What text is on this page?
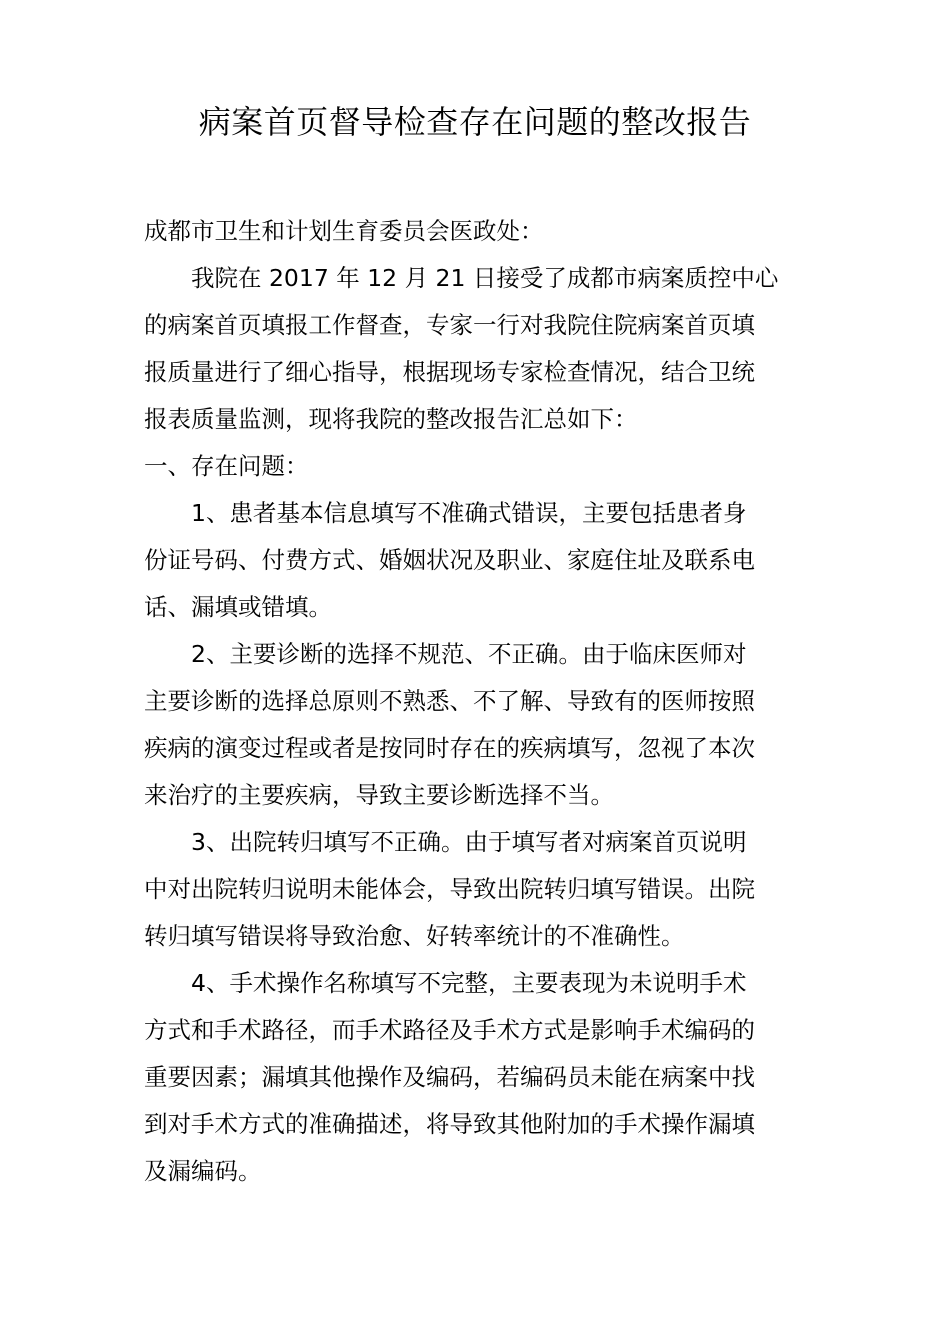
病案首页督导检查存在问题的整改报告
成都市卫生和计划生育委员会医政处：
我院在 2017 年 12 月 21 日接受了成都市病案质控中心
的病案首页填报工作督查，专家一行对我院住院病案首页填
报质量进行了细心指导，根据现场专家检查情况，结合卫统
报表质量监测，现将我院的整改报告汇总如下：
一、存在问题：
1、患者基本信息填写不准确式错误，主要包括患者身
份证号码、付费方式、婚姻状况及职业、家庭住址及联系电
话、漏填或错填。
2、主要诊断的选择不规范、不正确。由于临床医师对
主要诊断的选择总原则不熟悉、不了解、导致有的医师按照
疾病的演变过程或者是按同时存在的疾病填写，忽视了本次
来治疗的主要疾病，导致主要诊断选择不当。
3、出院转归填写不正确。由于填写者对病案首页说明
中对出院转归说明未能体会，导致出院转归填写错误。出院
转归填写错误将导致治愈、好转率统计的不准确性。
4、手术操作名称填写不完整，主要表现为未说明手术
方式和手术路径，而手术路径及手术方式是影响手术编码的
重要因素；漏填其他操作及编码，若编码员未能在病案中找
到对手术方式的准确描述，将导致其他附加的手术操作漏填
及漏编码。
